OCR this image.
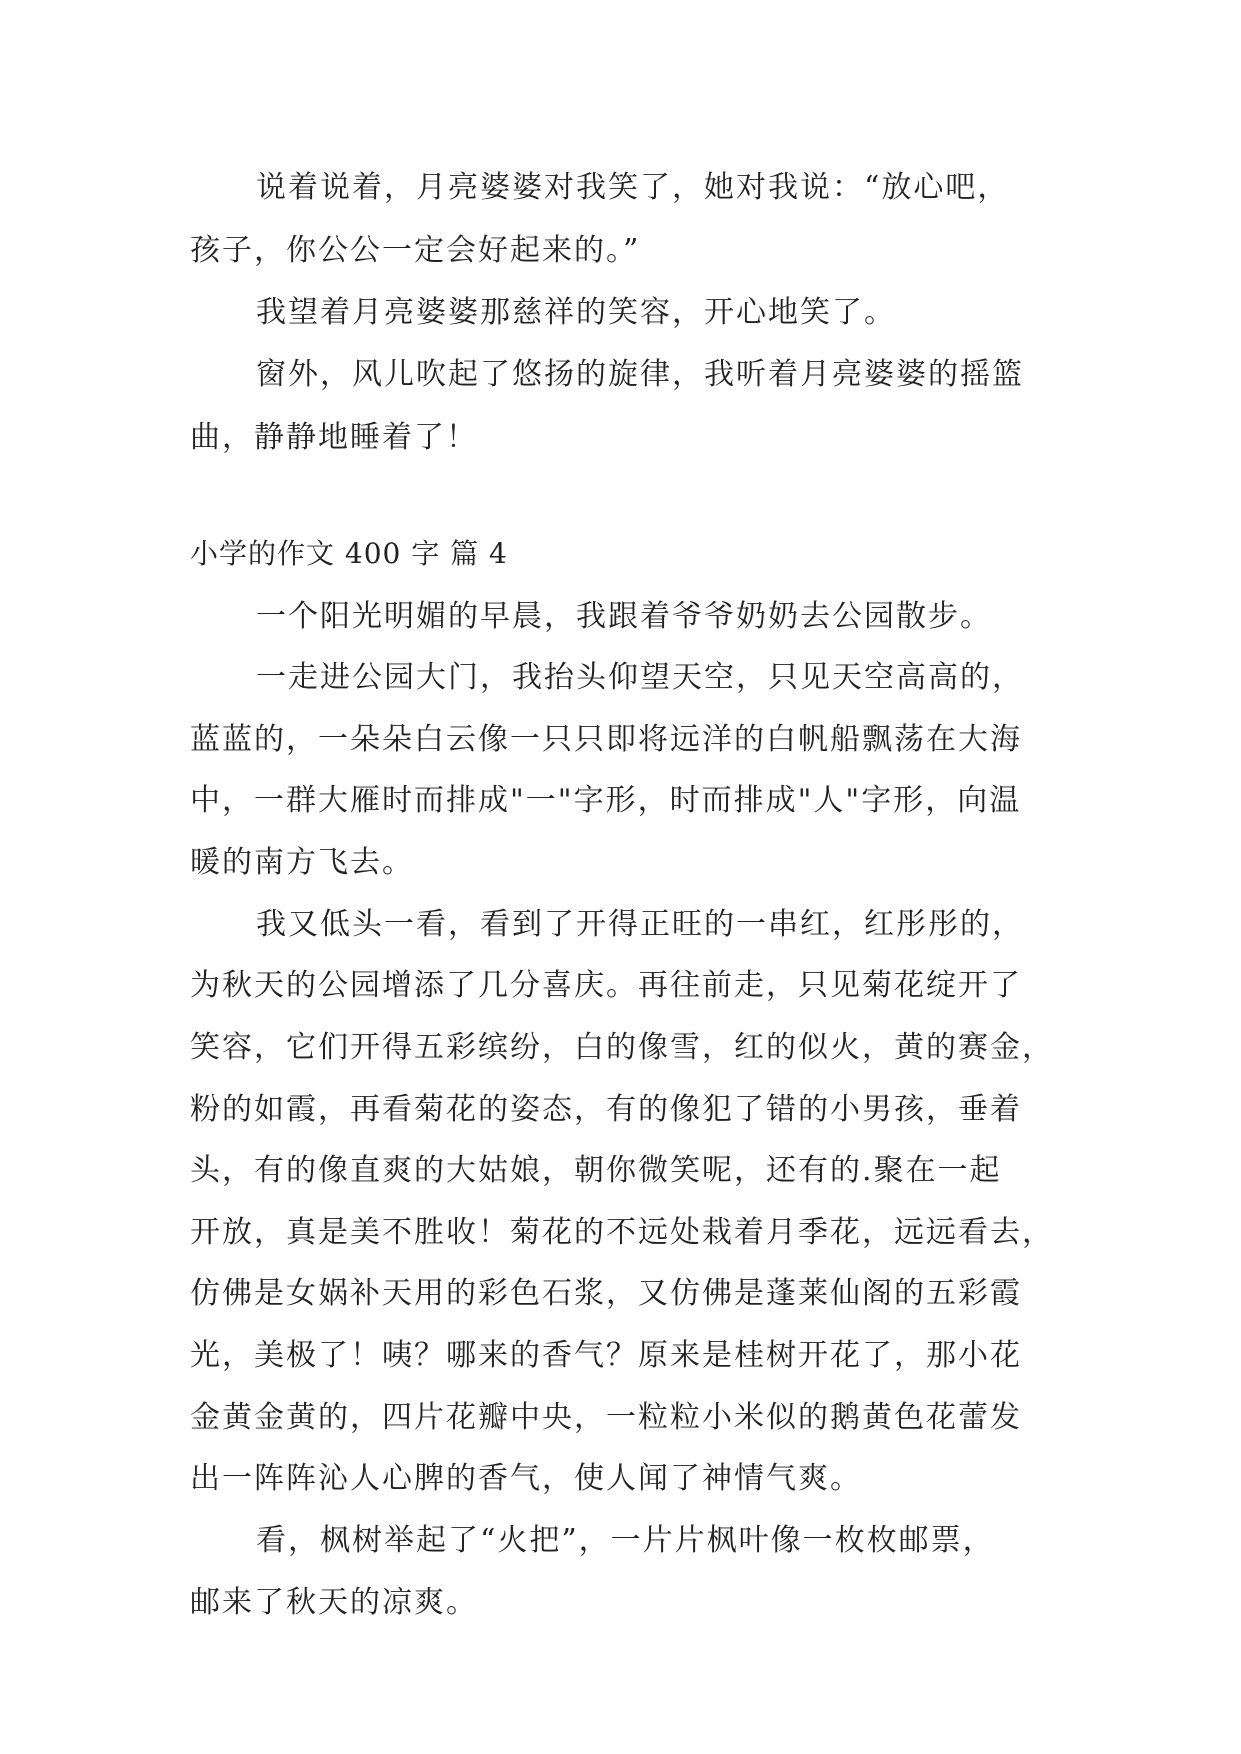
说着说着，月亮婆婆对我笑了，她对我说：“放心吧，
孩子，你公公一定会好起来的。”
我望着月亮婆婆那慈祥的笑容，开心地笑了。
窗外，风儿吹起了悠扬的旋律，我听着月亮婆婆的摇篮
曲，静静地睡着了！
小学的作文 400 字 篇 4
一个阳光明媚的早晨，我跟着爷爷奶奶去公园散步。
一走进公园大门，我抬头仰望天空，只见天空高高的，
蓝蓝的，一朵朵白云像一只只即将远洋的白帆船飘荡在大海
中，一群大雁时而排成"一"字形，时而排成"人"字形，向温
暖的南方飞去。
我又低头一看，看到了开得正旺的一串红，红彤彤的，
为秋天的公园增添了几分喜庆。再往前走，只见菊花绽开了
笑容，它们开得五彩缤纷，白的像雪，红的似火，黄的赛金，
粉的如霞，再看菊花的姿态，有的像犯了错的小男孩，垂着
头，有的像直爽的大姑娘，朝你微笑呢，还有的.聚在一起
开放，真是美不胜收！菊花的不远处栽着月季花，远远看去，
仿佛是女娲补天用的彩色石浆，又仿佛是蓬莱仙阁的五彩霞
光，美极了！咦？哪来的香气？原来是桂树开花了，那小花
金黄金黄的，四片花瓣中央，一粒粒小米似的鹅黄色花蕾发
出一阵阵沁人心脾的香气，使人闻了神情气爽。
看，枫树举起了“火把”，一片片枫叶像一枚枚邮票，
邮来了秋天的凉爽。
